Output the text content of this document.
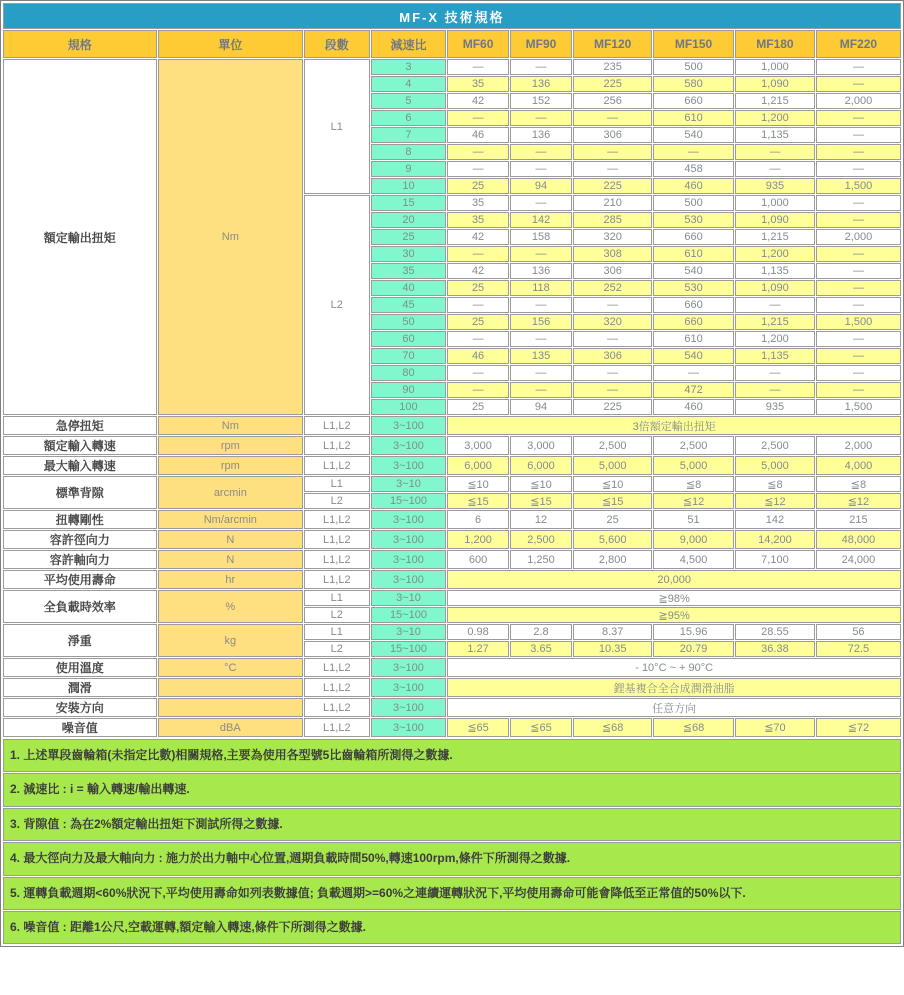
MF-X 技術規格									
規格	單位	段數	減速比	MF60	MF90	MF120	MF150	MF180	MF220
額定輸出扭矩	Nm	L1	3	—	—	235	500	1,000	—
			4	35	136	225	580	1,090	—
			5	42	152	256	660	1,215	2,000
			6	—	—	—	610	1,200	—
			7	46	136	306	540	1,135	—
			8	—	—	—	—	—	—
			9	—	—	—	458	—	—
			10	25	94	225	460	935	1,500
		L2	15	35	—	210	500	1,000	—
			20	35	142	285	530	1,090	—
			25	42	158	320	660	1,215	2,000
			30	—	—	308	610	1,200	—
			35	42	136	306	540	1,135	—
			40	25	118	252	530	1,090	—
			45	—	—	—	660	—	—
			50	25	156	320	660	1,215	1,500
			60	—	—	—	610	1,200	—
			70	46	135	306	540	1,135	—
			80	—	—	—	—	—	—
			90	—	—	—	472	—	—
			100	25	94	225	460	935	1,500
急停扭矩	Nm	L1,L2	3~100	3倍額定輸出扭矩					
額定輸入轉速	rpm	L1,L2	3~100	3,000	3,000	2,500	2,500	2,500	2,000
最大輸入轉速	rpm	L1,L2	3~100	6,000	6,000	5,000	5,000	5,000	4,000
標準背隙	arcmin	L1	3~10	≦10	≦10	≦10	≦8	≦8	≦8
		L2	15~100	≦15	≦15	≦15	≦12	≦12	≦12
扭轉剛性	Nm/arcmin	L1,L2	3~100	6	12	25	51	142	215
容許徑向力	N	L1,L2	3~100	1,200	2,500	5,600	9,000	14,200	48,000
容許軸向力	N	L1,L2	3~100	600	1,250	2,800	4,500	7,100	24,000
平均使用壽命	hr	L1,L2	3~100	20,000					
全負載時效率	%	L1	3~10	≧98%					
		L2	15~100	≧95%					
淨重	kg	L1	3~10	0.98	2.8	8.37	15.96	28.55	56
		L2	15~100	1.27	3.65	10.35	20.79	36.38	72.5
使用溫度	°C	L1,L2	3~100	- 10°C ~ + 90°C					
潤滑		L1,L2	3~100	鋰基複合全合成潤滑油脂					
安裝方向		L1,L2	3~100	任意方向					
噪音值	dBA	L1,L2	3~100	≦65	≦65	≦68	≦68	≦70	≦72
1. 上述單段齒輪箱(未指定比數)相關規格,主要為使用各型號5比齒輪箱所測得之數據.
2. 減速比 : i = 輸入轉速/輸出轉速.
3. 背隙值 : 為在2%額定輸出扭矩下測試所得之數據.
4. 最大徑向力及最大軸向力 : 施力於出力軸中心位置,週期負載時間50%,轉速100rpm,條件下所測得之數據.
5. 運轉負載週期<60%狀況下,平均使用壽命如列表數據值; 負載週期>=60%之連續運轉狀況下,平均使用壽命可能會降低至正常值的50%以下.
6. 噪音值 : 距離1公尺,空載運轉,額定輸入轉速,條件下所測得之數據.
